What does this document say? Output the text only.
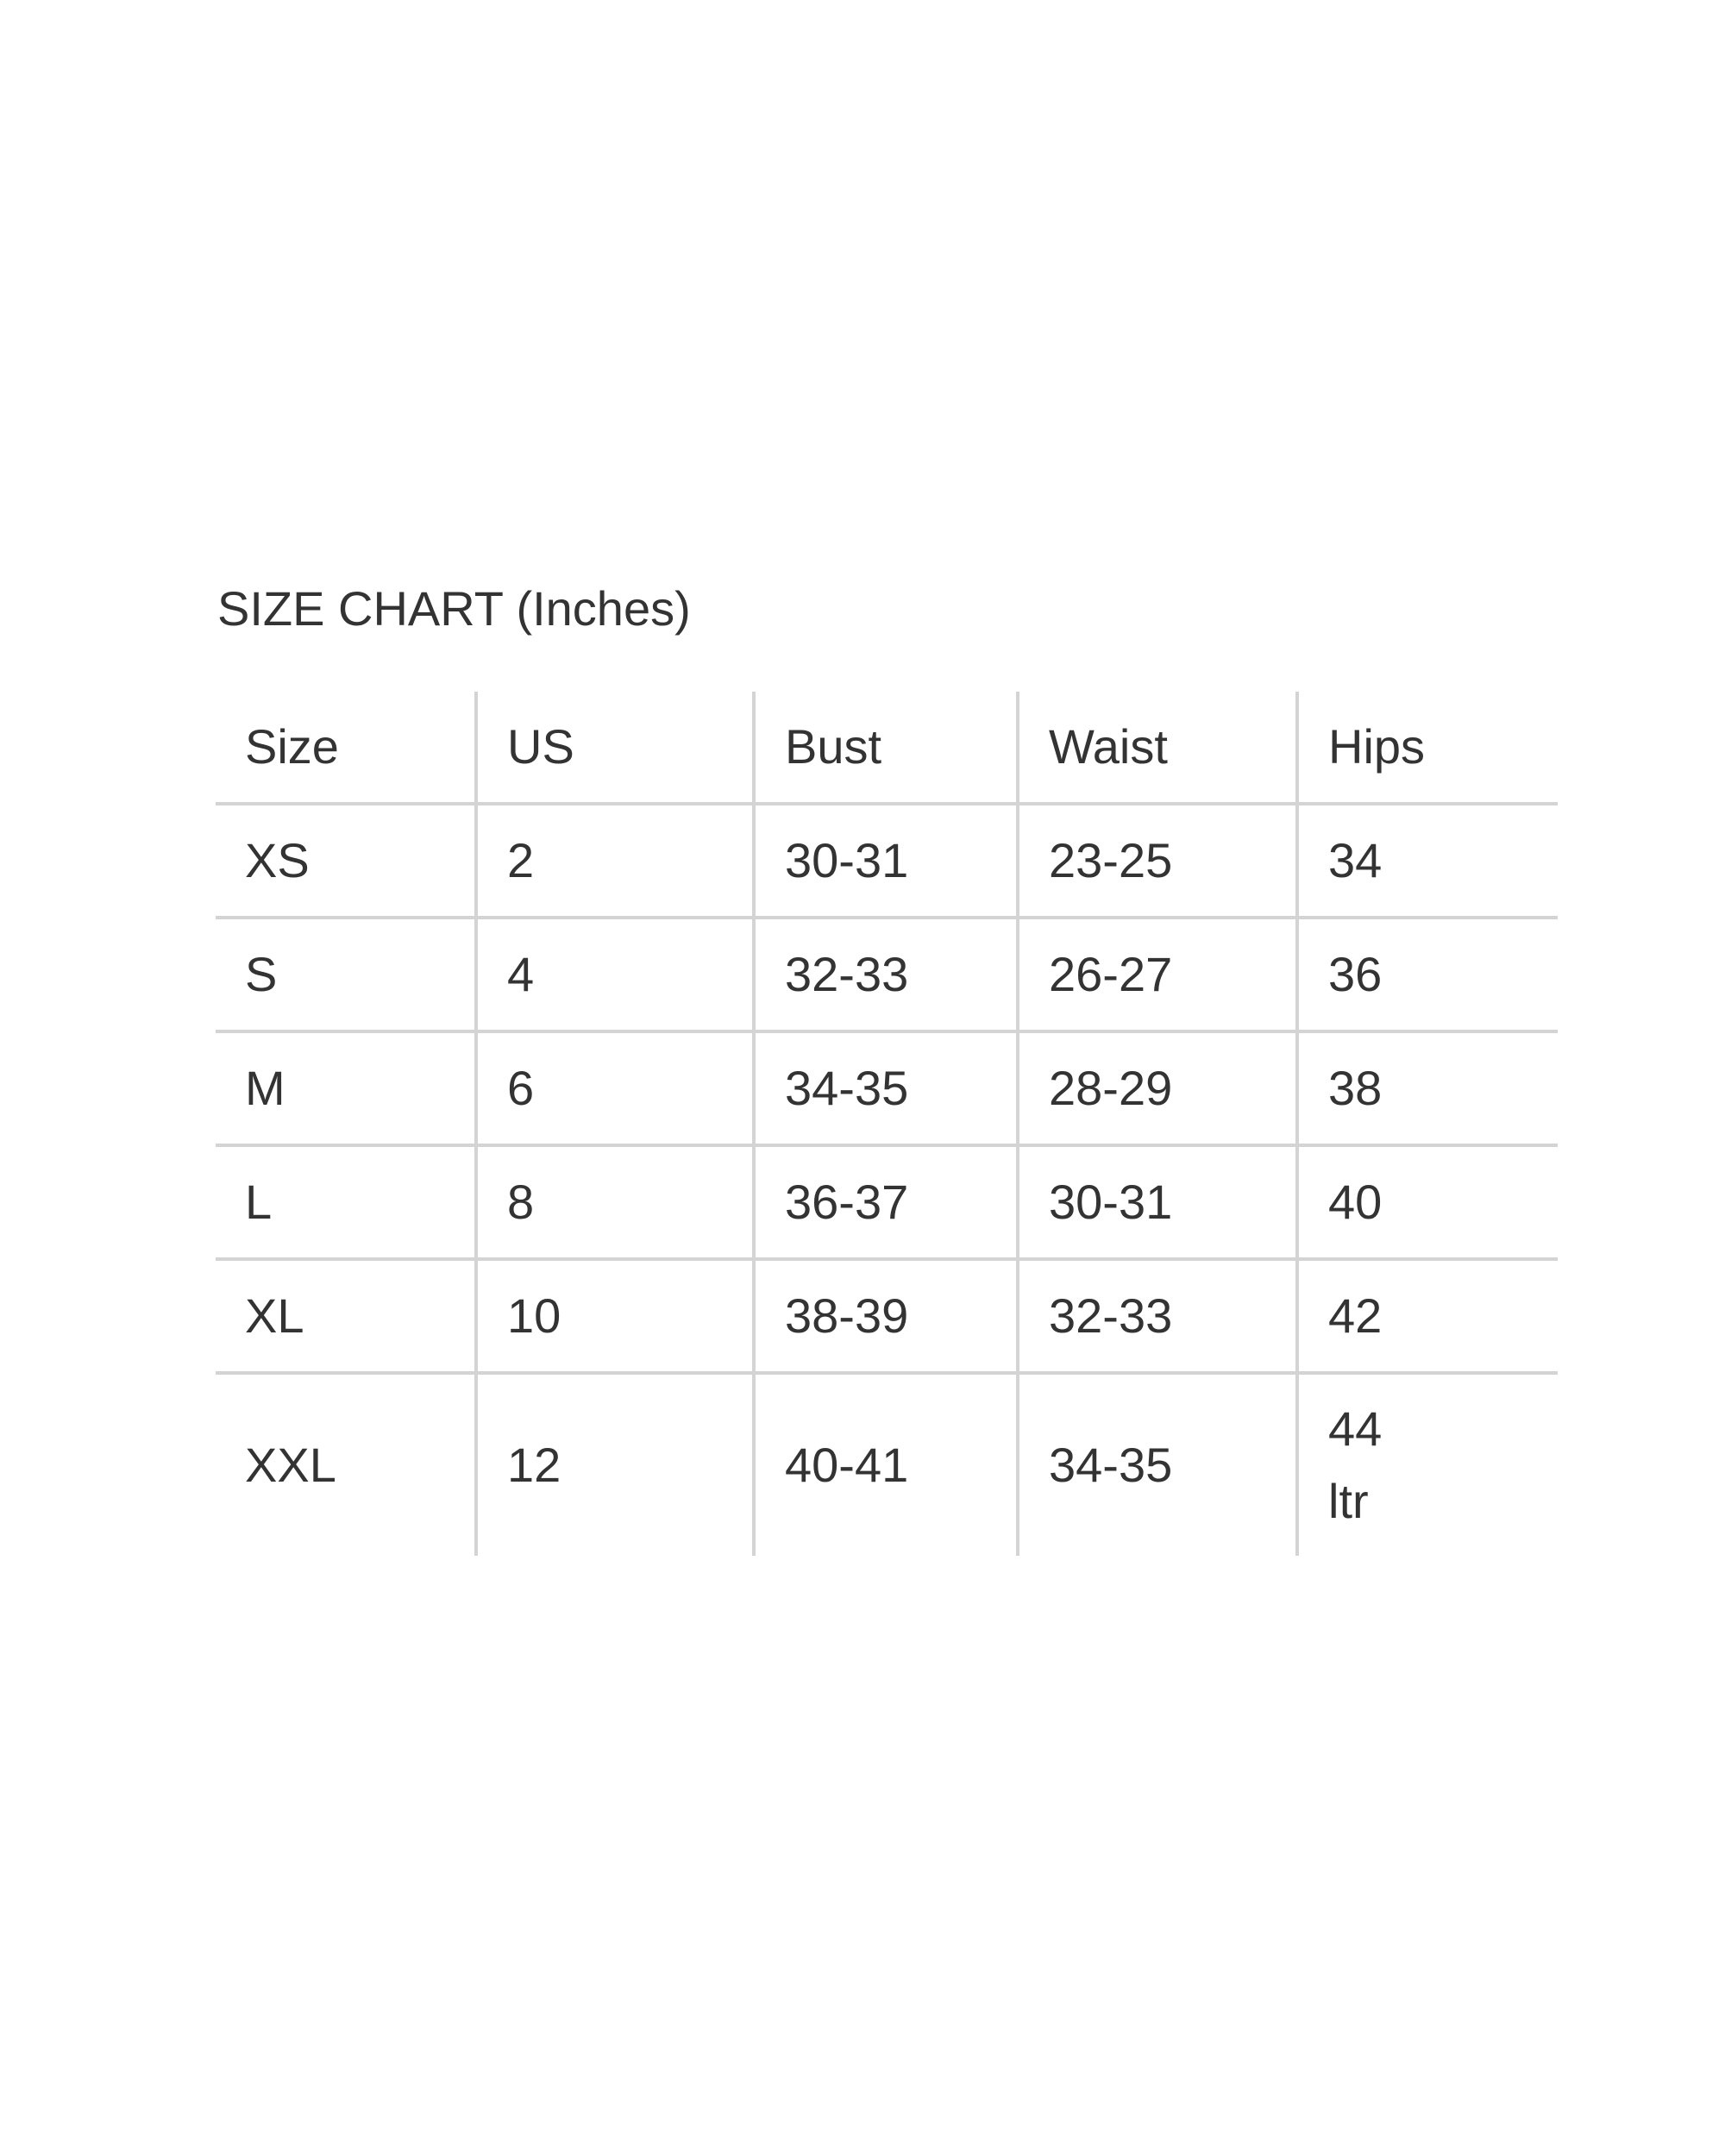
SIZE CHART (Inches)
Size	US	Bust	Waist	Hips
XS	2	30-31	23-25	34
S	4	32-33	26-27	36
M	6	34-35	28-29	38
L	8	36-37	30-31	40
XL	10	38-39	32-33	42
XXL	12	40-41	34-35	44
ltr
